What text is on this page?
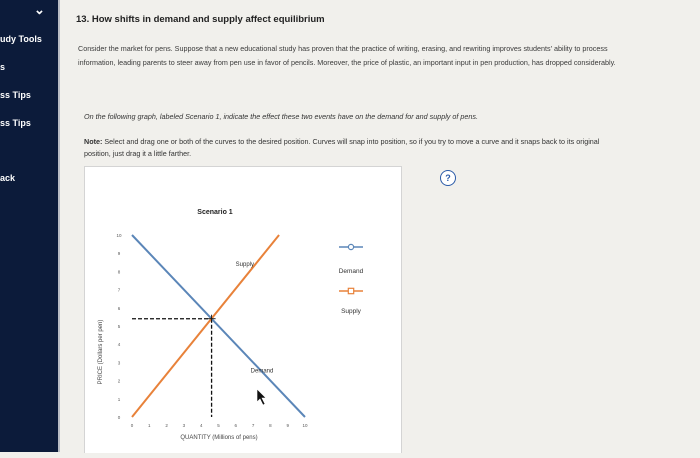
⌄
udy Tools
s
ss Tips
ss Tips
ack
13. How shifts in demand and supply affect equilibrium
Consider the market for pens. Suppose that a new educational study has proven that the practice of writing, erasing, and rewriting improves students' ability to process information, leading parents to steer away from pen use in favor of pencils. Moreover, the price of plastic, an important input in pen production, has dropped considerably.
On the following graph, labeled Scenario 1, indicate the effect these two events have on the demand for and supply of pens.
Note: Select and drag one or both of the curves to the desired position. Curves will snap into position, so if you try to move a curve and it snaps back to its original position, just drag it a little farther.
Scenario 1
PRICE (Dollars per pen)
QUANTITY (Millions of pens)
0
1
2
3
4
5
6
7
8
9
10
0	1	2	3	4	5	6	7	8	9	10
Supply
Demand
Demand
Supply
?
